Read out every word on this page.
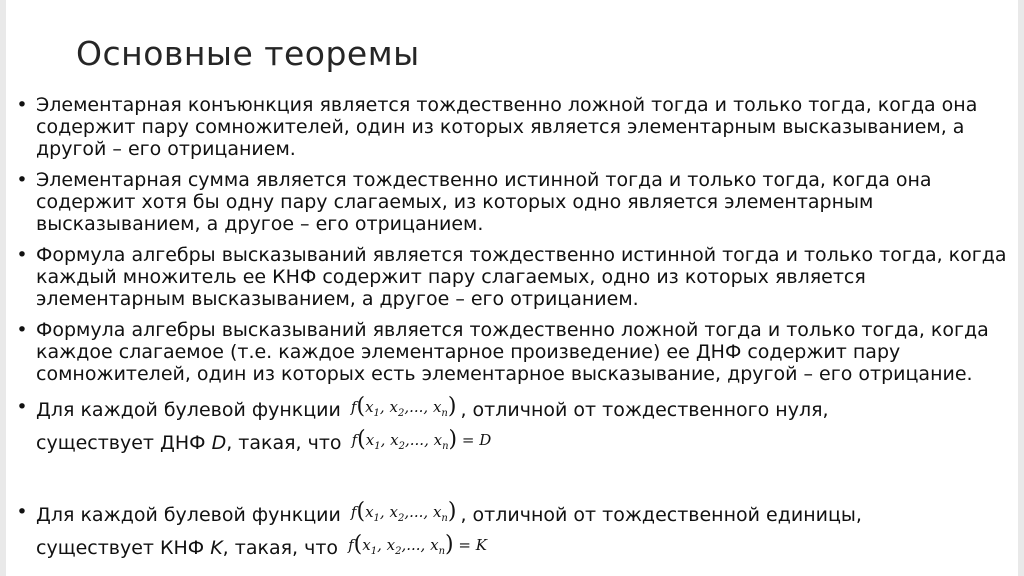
Основные теоремы
• Элементарная конъюнкция является тождественно ложной тогда и только тогда, когда она содержит пару сомножителей, один из которых является элементарным высказыванием, а другой – его отрицанием.
• Элементарная сумма является тождественно истинной тогда и только тогда, когда она содержит хотя бы одну пару слагаемых, из которых одно является элементарным высказыванием, а другое – его отрицанием.
• Формула алгебры высказываний является тождественно истинной тогда и только тогда, когда каждый множитель ее КНФ содержит пару слагаемых, одно из которых является элементарным высказыванием, а другое – его отрицанием.
• Формула алгебры высказываний является тождественно ложной тогда и только тогда, когда каждое слагаемое (т.е. каждое элементарное произведение) ее ДНФ содержит пару сомножителей, один из которых есть элементарное высказывание, другой – его отрицание.
• Для каждой булевой функции $f(x_1$, $x_2$,..., $x_n$) , отличной от тождественного нуля,
существует ДНФ D, такая, что $f(x_1$, $x_2$,..., $x_n) = D$
• Для каждой булевой функции $f(x_1$, $x_2$,..., $x_n$) , отличной от тождественной единицы,
существует КНФ K, такая, что $f(x_1$, $x_2$,..., $x_n) = K$
